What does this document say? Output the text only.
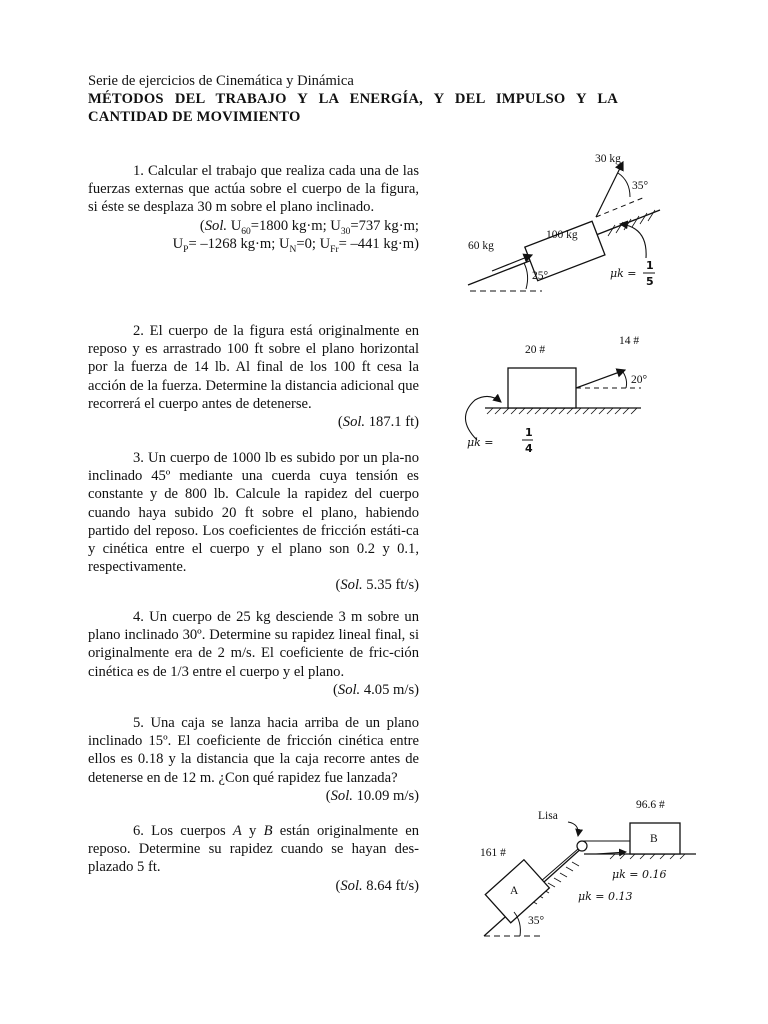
Serie de ejercicios de Cinemática y Dinámica
MÉTODOS DEL TRABAJO Y LA ENERGÍA, Y DEL IMPULSO Y LA
CANTIDAD DE MOVIMIENTO
1. Calcular el trabajo que realiza cada una de las fuerzas externas que actúa sobre el cuerpo de la figura, si éste se desplaza 30 m sobre el plano inclinado.

(Sol. $U_{60}=1800$ kg·m; $U_{30}=737$ kg·m;

$U_P= -1268$ kg·m; $U_N=0$; $U_{Fr}= -441$ kg·m)

2. El cuerpo de la figura está originalmente en reposo y es arrastrado 100 ft sobre el plano horizontal por la fuerza de 14 lb. Al final de los 100 ft cesa la acción de la fuerza. Determine la distancia adicional que recorrerá el cuerpo antes de detenerse.

(Sol. 187.1 ft)

3. Un cuerpo de 1000 lb es subido por un pla-no inclinado 45º mediante una cuerda cuya tensión es constante y de 800 lb. Calcule la rapidez del cuerpo cuando haya subido 20 ft sobre el plano, habiendo partido del reposo. Los coeficientes de fricción estáti-ca y cinética entre el cuerpo y el plano son 0.2 y 0.1, respectivamente.

(Sol. 5.35 ft/s)

4. Un cuerpo de 25 kg desciende 3 m sobre un plano inclinado 30º. Determine su rapidez lineal final, si originalmente era de 2 m/s. El coeficiente de fric-ción cinética es de 1/3 entre el cuerpo y el plano.

(Sol. 4.05 m/s)

5. Una caja se lanza hacia arriba de un plano inclinado 15º. El coeficiente de fricción cinética entre ellos es 0.18 y la distancia que la caja recorre antes de detenerse en de 12 m. ¿Con qué rapidez fue lanzada?

(Sol. 10.09 m/s)

6. Los cuerpos A y B están originalmente en reposo. Determine su rapidez cuando se hayan des-plazado 5 ft.

(Sol. 8.64 ft/s)

30 kg
35°
60 kg
100 kg
25°	μk =
1
5
20 #
14 #
20°
μk =
1
4
Lisa
96.6 #
B
161 #
A
μk = 0.16
μk = 0.13
35°
